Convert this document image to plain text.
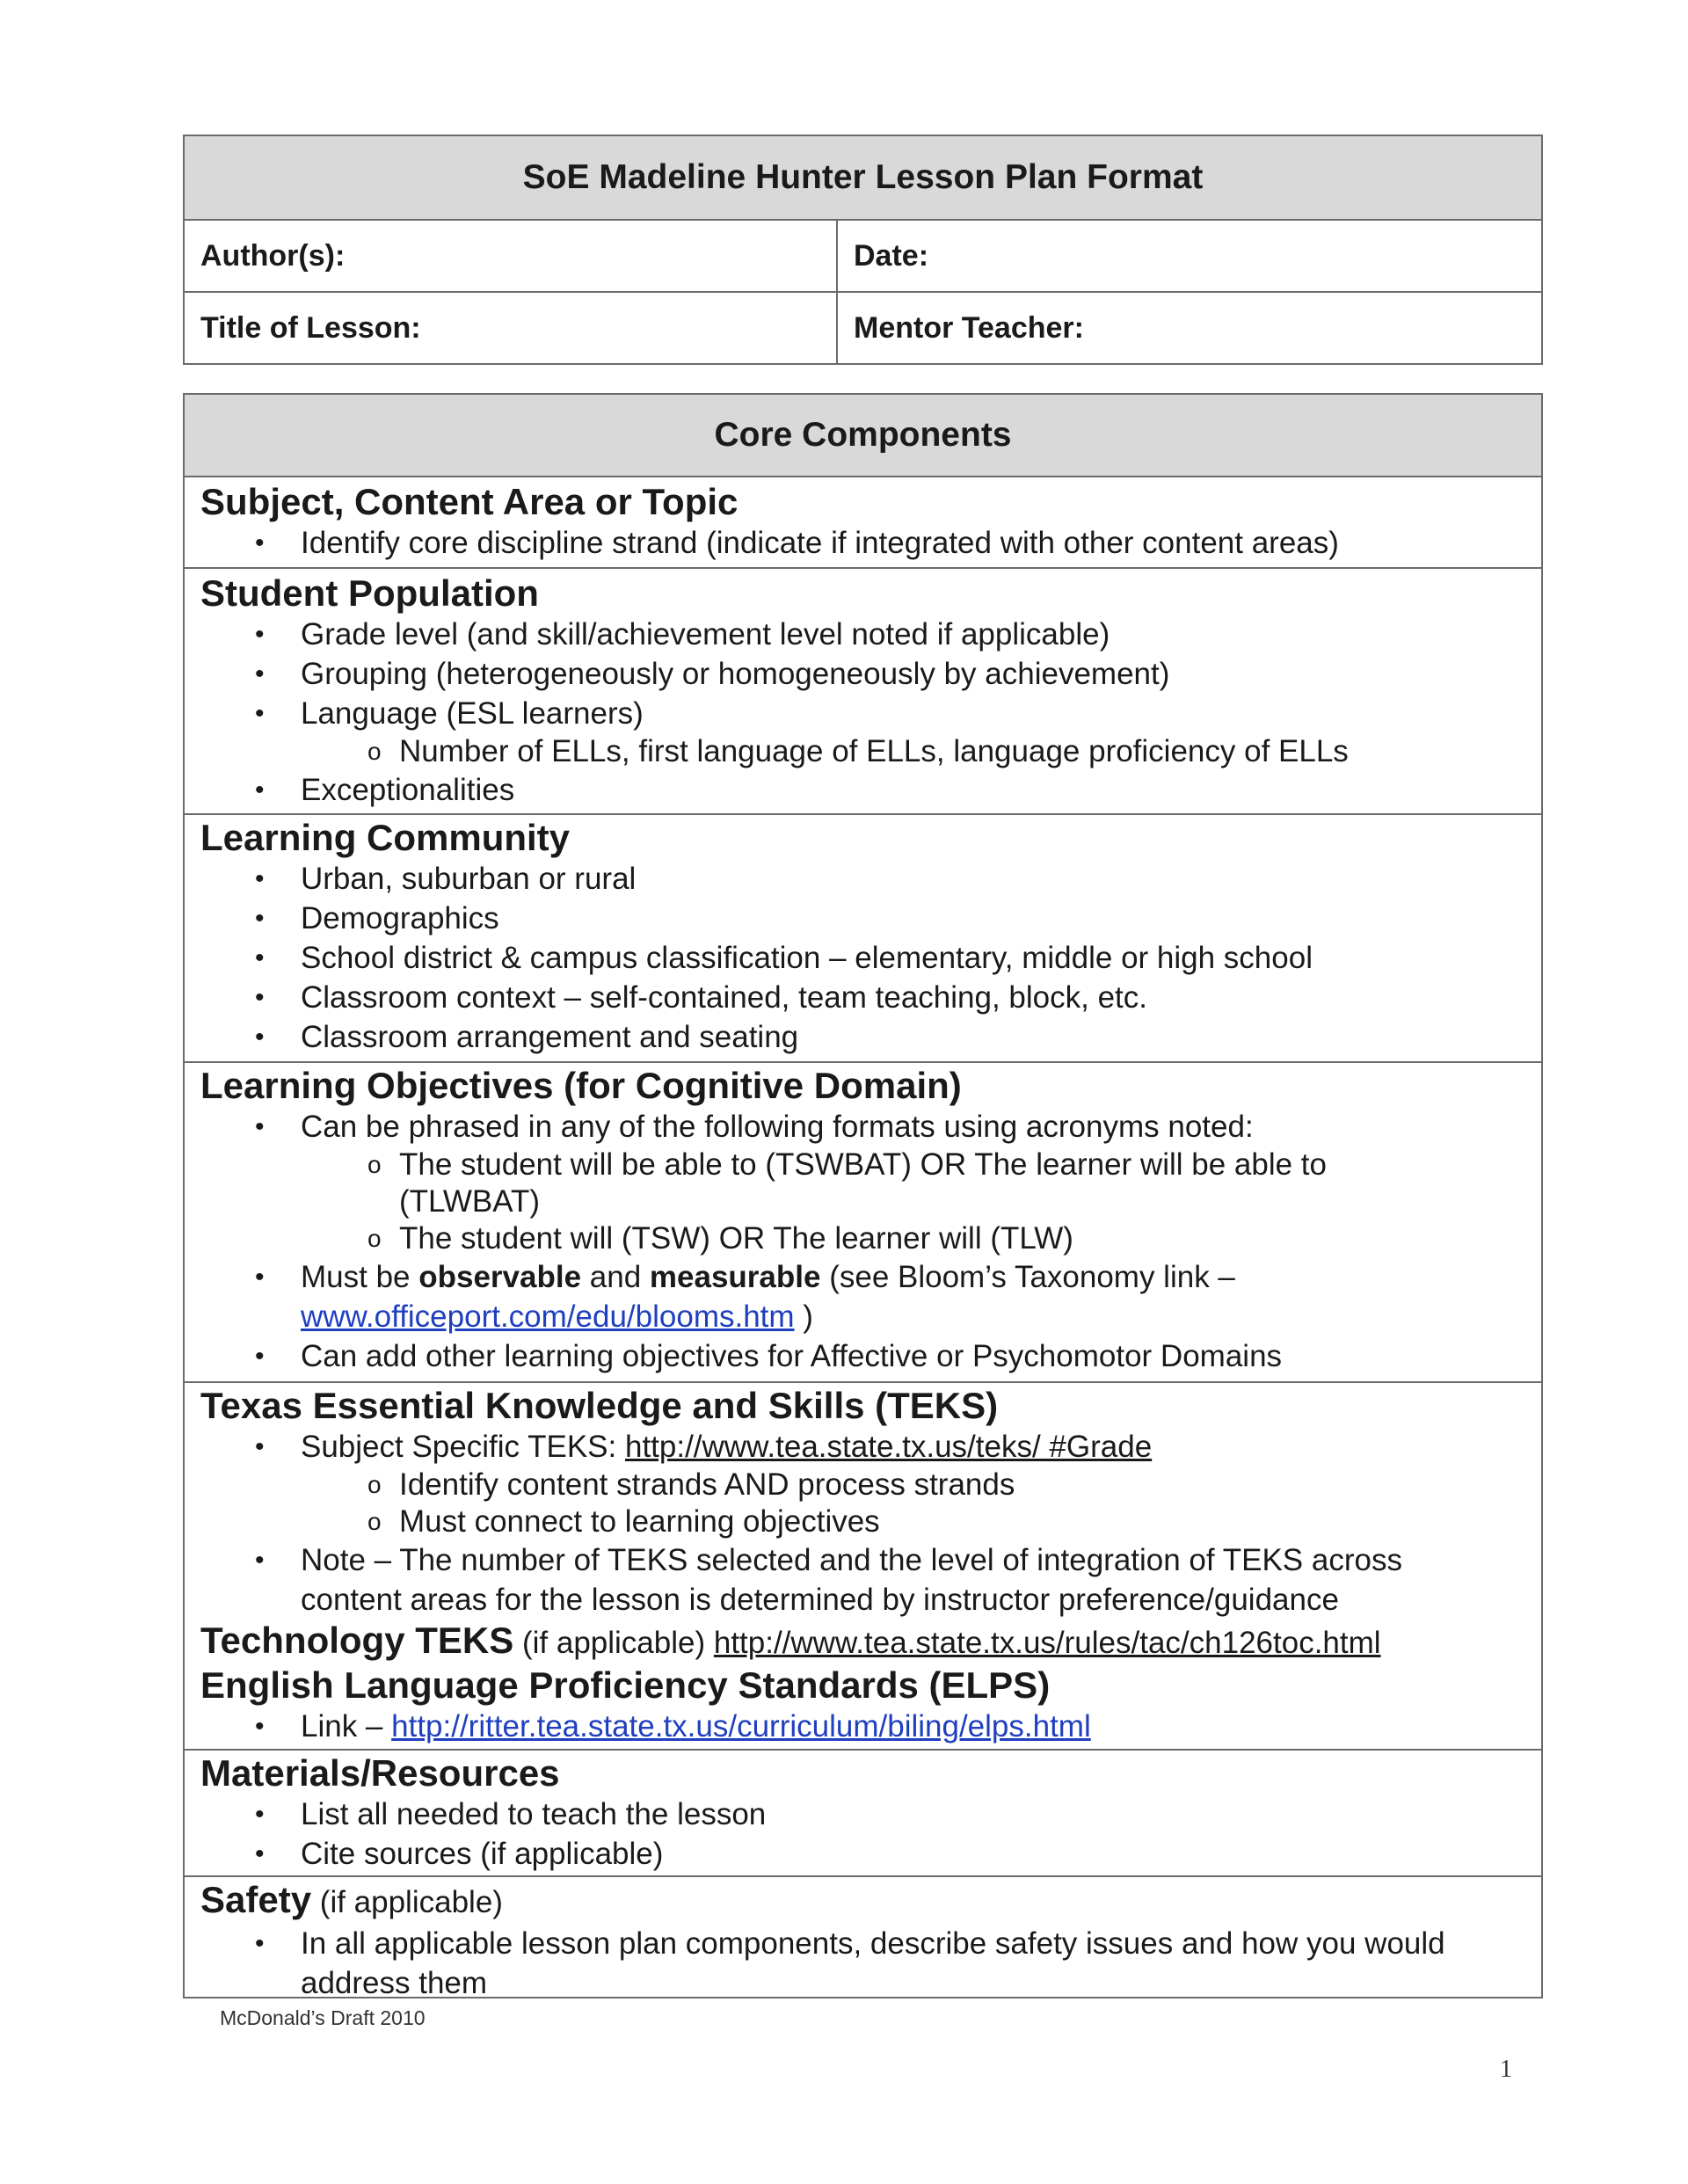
SoE Madeline Hunter Lesson Plan Format
Author(s):	Date:
Title of Lesson:	Mentor Teacher:
Core Components
Subject, Content Area or Topic
• Identify core discipline strand (indicate if integrated with other content areas)
Student Population
• Grade level (and skill/achievement level noted if applicable)
• Grouping (heterogeneously or homogeneously by achievement)
• Language (ESL learners)
o Number of ELLs, first language of ELLs, language proficiency of ELLs
• Exceptionalities
Learning Community
• Urban, suburban or rural
• Demographics
• School district & campus classification – elementary, middle or high school
• Classroom context – self-contained, team teaching, block, etc.
• Classroom arrangement and seating
Learning Objectives (for Cognitive Domain)
• Can be phrased in any of the following formats using acronyms noted:
o The student will be able to (TSWBAT) OR The learner will be able to (TLWBAT)
o The student will (TSW) OR The learner will (TLW)
• Must be observable and measurable (see Bloom’s Taxonomy link – www.officeport.com/edu/blooms.htm )
• Can add other learning objectives for Affective or Psychomotor Domains
Texas Essential Knowledge and Skills (TEKS)
• Subject Specific TEKS: http://www.tea.state.tx.us/teks/ #Grade
o Identify content strands AND process strands
o Must connect to learning objectives
• Note – The number of TEKS selected and the level of integration of TEKS across content areas for the lesson is determined by instructor preference/guidance
Technology TEKS (if applicable) http://www.tea.state.tx.us/rules/tac/ch126toc.html
English Language Proficiency Standards (ELPS)
• Link – http://ritter.tea.state.tx.us/curriculum/biling/elps.html
Materials/Resources
• List all needed to teach the lesson
• Cite sources (if applicable)
Safety (if applicable)
• In all applicable lesson plan components, describe safety issues and how you would address them
McDonald’s Draft 2010
1
